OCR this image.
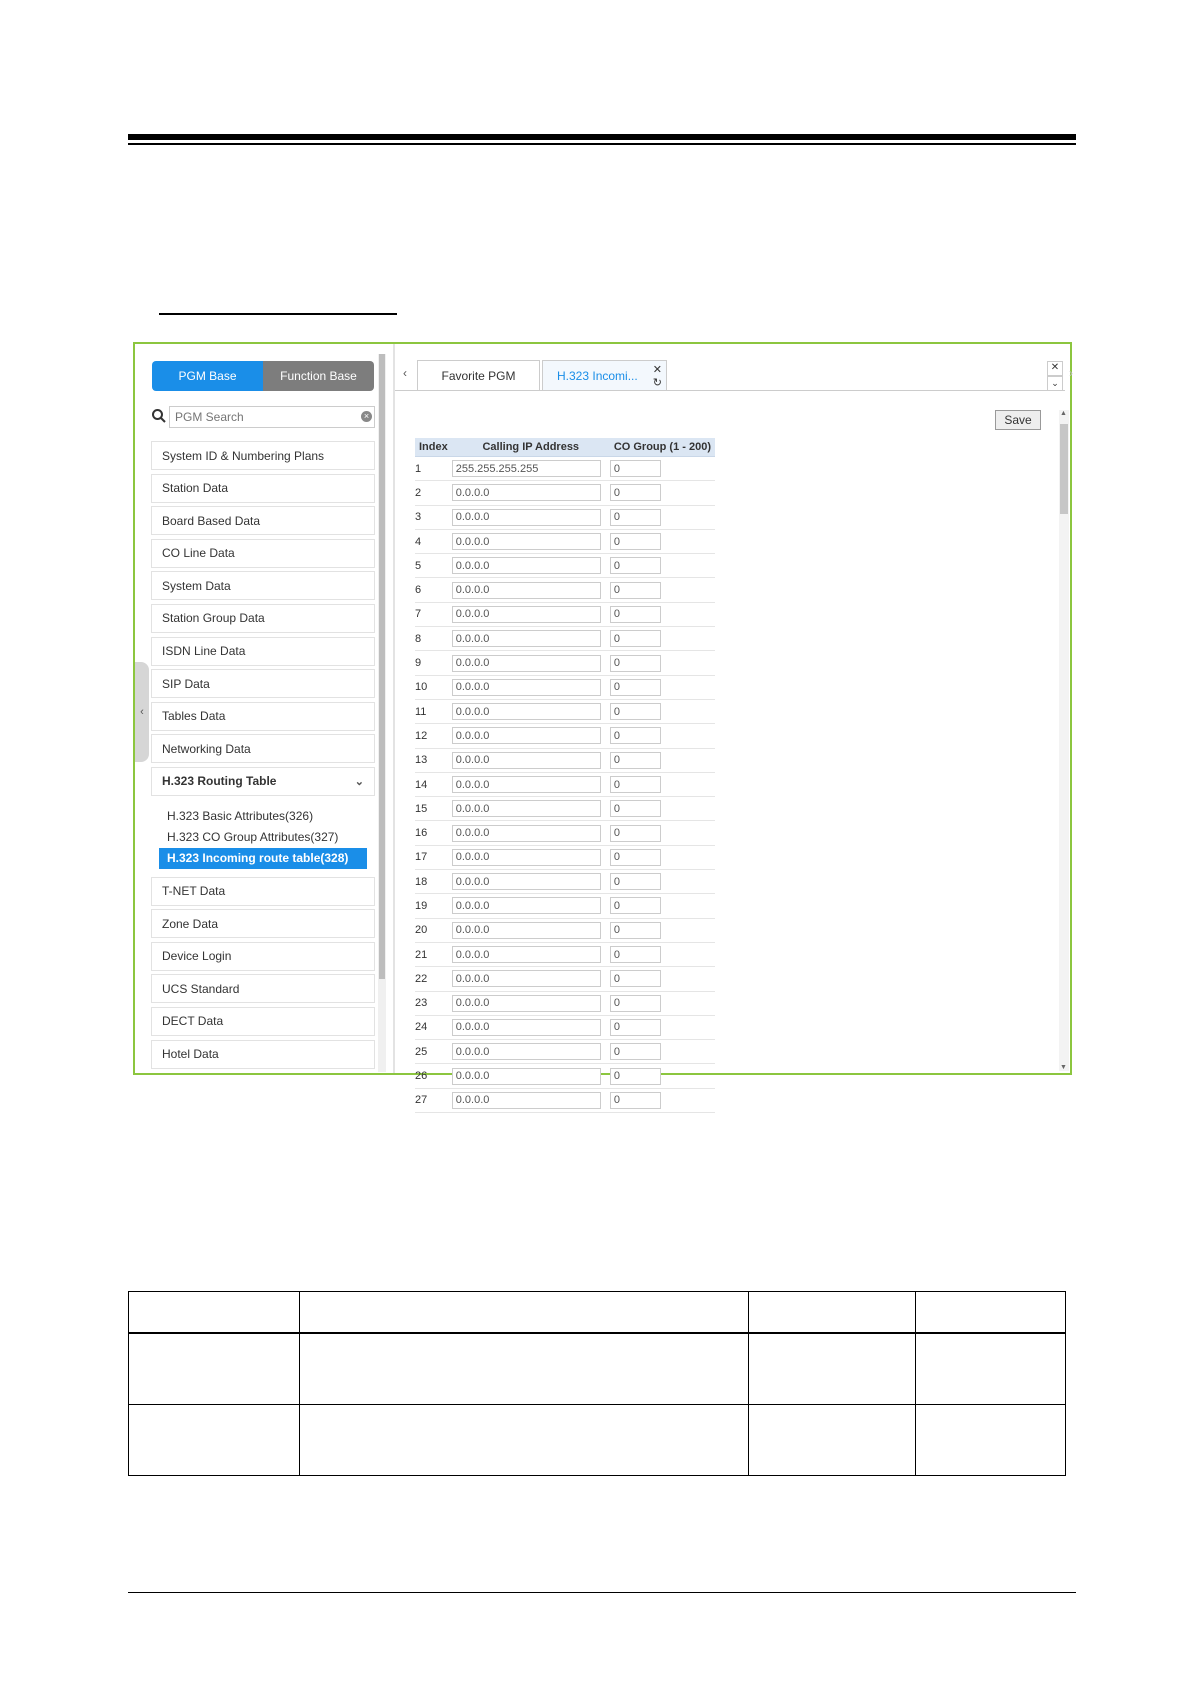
PGM Base	Function Base
PGM Search
×
System ID & Numbering Plans
Station Data
Board Based Data
CO Line Data
System Data
Station Group Data
ISDN Line Data
SIP Data
Tables Data
Networking Data
H.323 Routing Table	⌄
H.323 Basic Attributes(326)
H.323 CO Group Attributes(327)
H.323 Incoming route table(328)
T-NET Data
Zone Data
Device Login
UCS Standard
DECT Data
Hotel Data
‹
‹	Favorite PGM	H.323 Incomi... ✕
↻
✕
⌄
›
Save
Index	Calling IP Address	CO Group (1 - 200)
1	255.255.255.255	0
2	0.0.0.0	0
3	0.0.0.0	0
4	0.0.0.0	0
5	0.0.0.0	0
6	0.0.0.0	0
7	0.0.0.0	0
8	0.0.0.0	0
9	0.0.0.0	0
10	0.0.0.0	0
11	0.0.0.0	0
12	0.0.0.0	0
13	0.0.0.0	0
14	0.0.0.0	0
15	0.0.0.0	0
16	0.0.0.0	0
17	0.0.0.0	0
18	0.0.0.0	0
19	0.0.0.0	0
20	0.0.0.0	0
21	0.0.0.0	0
22	0.0.0.0	0
23	0.0.0.0	0
24	0.0.0.0	0
25	0.0.0.0	0
26	0.0.0.0	0
27	0.0.0.0	0
▲
▼
